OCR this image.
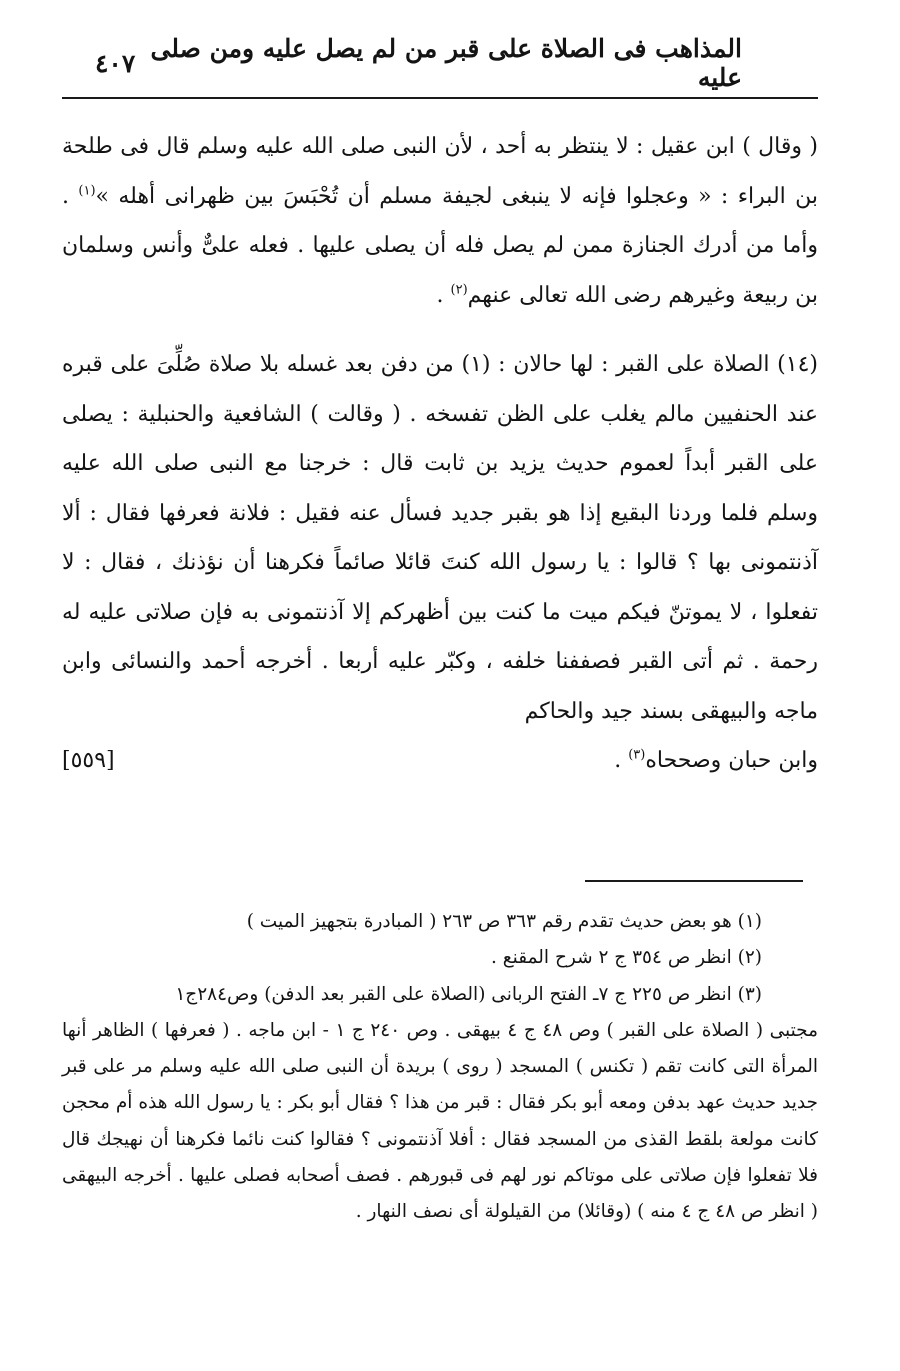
المذاهب فى الصلاة على قبر من لم يصل عليه ومن صلى عليه
٤٠٧

( وقال ) ابن عقيل : لا ينتظر به أحد ، لأن النبى صلى الله عليه وسلم قال فى طلحة بن البراء : « وعجلوا فإنه لا ينبغى لجيفة مسلم أن تُحْبَسَ بين ظهرانى أهله »$^{(١)}$ . وأما من أدرك الجنازة ممن لم يصل فله أن يصلى عليها . فعله علىٌّ وأنس وسلمان بن ربيعة وغيرهم رضى الله تعالى عنهم$^{(٢)}$ .

(١٤) الصلاة على القبر : لها حالان : (١) من دفن بعد غسله بلا صلاة صُلِّىَ على قبره عند الحنفيين مالم يغلب على الظن تفسخه . ( وقالت ) الشافعية والحنبلية : يصلى على القبر أبداً لعموم حديث يزيد بن ثابت قال : خرجنا مع النبى صلى الله عليه وسلم فلما وردنا البقيع إذا هو بقبر جديد فسأل عنه فقيل : فلانة فعرفها فقال : ألا آذنتمونى بها ؟ قالوا : يا رسول الله كنتَ قائلا صائماً فكرهنا أن نؤذنك ، فقال : لا تفعلوا ، لا يموتنّ فيكم ميت ما كنت بين أظهركم إلا آذنتمونى به فإن صلاتى عليه له رحمة . ثم أتى القبر فصففنا خلفه ، وكبّر عليه أربعا . أخرجه أحمد والنسائى وابن ماجه والبيهقى بسند جيد والحاكم

وابن حبان وصححاه$^{(٣)}$ .
[٥٥٩]

(١) هو بعض حديث تقدم رقم ٣٦٣ ص ٢٦٣ ( المبادرة بتجهيز الميت )

(٢) انظر ص ٣٥٤ ج ٢ شرح المقنع .

(٣) انظر ص ٢٢٥ ج ٧ـ الفتح الربانى (الصلاة على القبر بعد الدفن) وص٢٨٤ج١

مجتبى ( الصلاة على القبر ) وص ٤٨ ج ٤ بيهقى . وص ٢٤٠ ج ١ - ابن ماجه . ( فعرفها ) الظاهر أنها المرأة التى كانت تقم ( تكنس ) المسجد ( روى ) بريدة أن النبى صلى الله عليه وسلم مر على قبر جديد حديث عهد بدفن ومعه أبو بكر فقال : قبر من هذا ؟ فقال أبو بكر : يا رسول الله هذه أم محجن كانت مولعة بلقط القذى من المسجد فقال : أفلا آذنتمونى ؟ فقالوا كنت نائما فكرهنا أن نهيجك قال فلا تفعلوا فإن صلاتى على موتاكم نور لهم فى قبورهم . فصف أصحابه فصلى عليها . أخرجه البيهقى ( انظر ص ٤٨ ج ٤ منه ) (وقائلا) من القيلولة أى نصف النهار .
